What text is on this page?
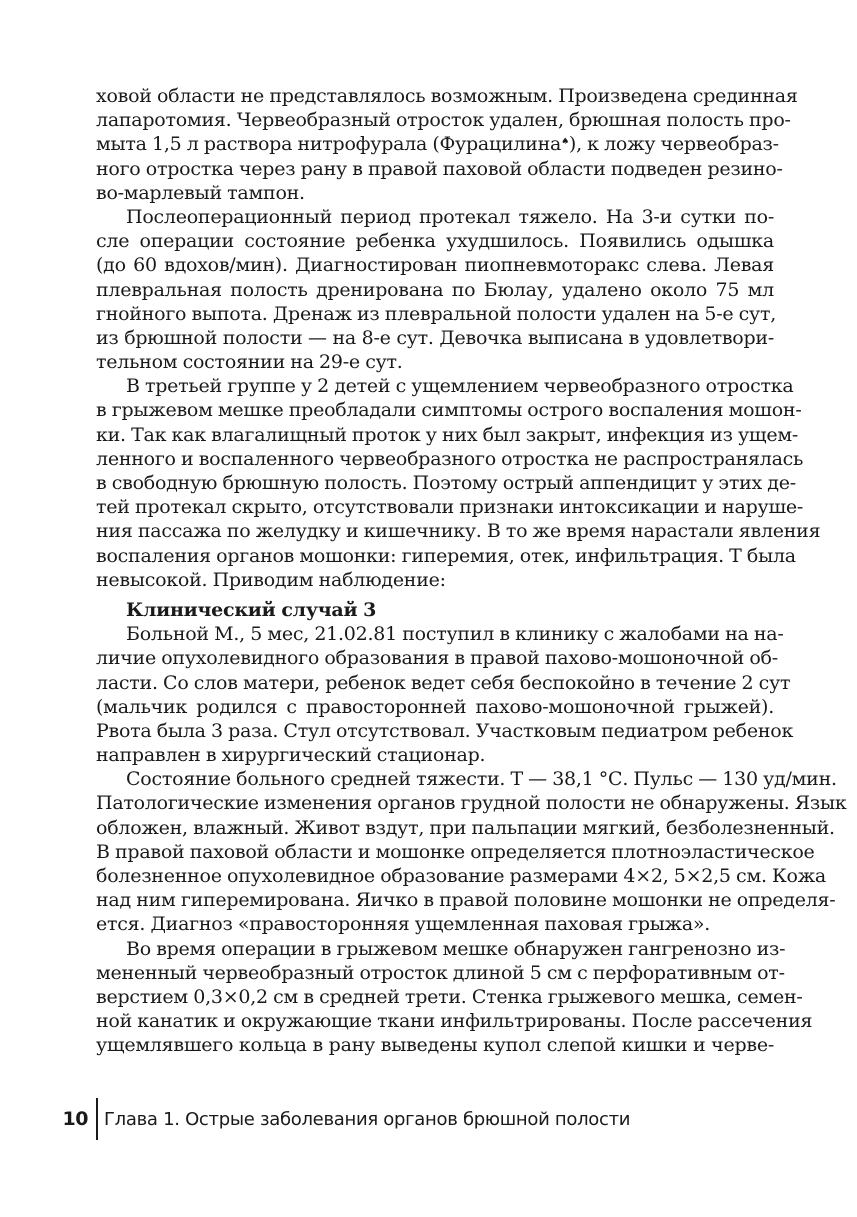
ховой области не представлялось возможным. Произведена срединная
лапаротомия. Червеобразный отросток удален, брюшная полость про-
мыта 1,5 л раствора нитрофурала (Фурацилина♠), к ложу червеобраз-
ного отростка через рану в правой паховой области подведен резино-
во-марлевый тампон.
Послеоперационный период протекал тяжело. На 3-и сутки по-
сле операции состояние ребенка ухудшилось. Появились одышка
(до 60 вдохов/мин). Диагностирован пиопневмоторакс слева. Левая
плевральная полость дренирована по Бюлау, удалено около 75 мл
гнойного выпота. Дренаж из плевральной полости удален на 5-е сут,
из брюшной полости — на 8-е сут. Девочка выписана в удовлетвори-
тельном состоянии на 29-е сут.
В третьей группе у 2 детей с ущемлением червеобразного отростка
в грыжевом мешке преобладали симптомы острого воспаления мошон-
ки. Так как влагалищный проток у них был закрыт, инфекция из ущем-
ленного и воспаленного червеобразного отростка не распространялась
в свободную брюшную полость. Поэтому острый аппендицит у этих де-
тей протекал скрыто, отсутствовали признаки интоксикации и наруше-
ния пассажа по желудку и кишечнику. В то же время нарастали явления
воспаления органов мошонки: гиперемия, отек, инфильтрация. Т была
невысокой. Приводим наблюдение:
Клинический случай 3
Больной М., 5 мес, 21.02.81 поступил в клинику с жалобами на на-
личие опухолевидного образования в правой пахово-мошоночной об-
ласти. Со слов матери, ребенок ведет себя беспокойно в течение 2 сут
(мальчик родился с правосторонней пахово-мошоночной грыжей).
Рвота была 3 раза. Стул отсутствовал. Участковым педиатром ребенок
направлен в хирургический стационар.
Состояние больного средней тяжести. Т — 38,1 °С. Пульс — 130 уд/мин.
Патологические изменения органов грудной полости не обнаружены. Язык
обложен, влажный. Живот вздут, при пальпации мягкий, безболезненный.
В правой паховой области и мошонке определяется плотноэластическое
болезненное опухолевидное образование размерами 4×2, 5×2,5 см. Кожа
над ним гиперемирована. Яичко в правой половине мошонки не определя-
ется. Диагноз «правосторонняя ущемленная паховая грыжа».
Во время операции в грыжевом мешке обнаружен гангренозно из-
мененный червеобразный отросток длиной 5 см с перфоративным от-
верстием 0,3×0,2 см в средней трети. Стенка грыжевого мешка, семен-
ной канатик и окружающие ткани инфильтрированы. После рассечения
ущемлявшего кольца в рану выведены купол слепой кишки и черве-
10 Глава 1. Острые заболевания органов брюшной полости
